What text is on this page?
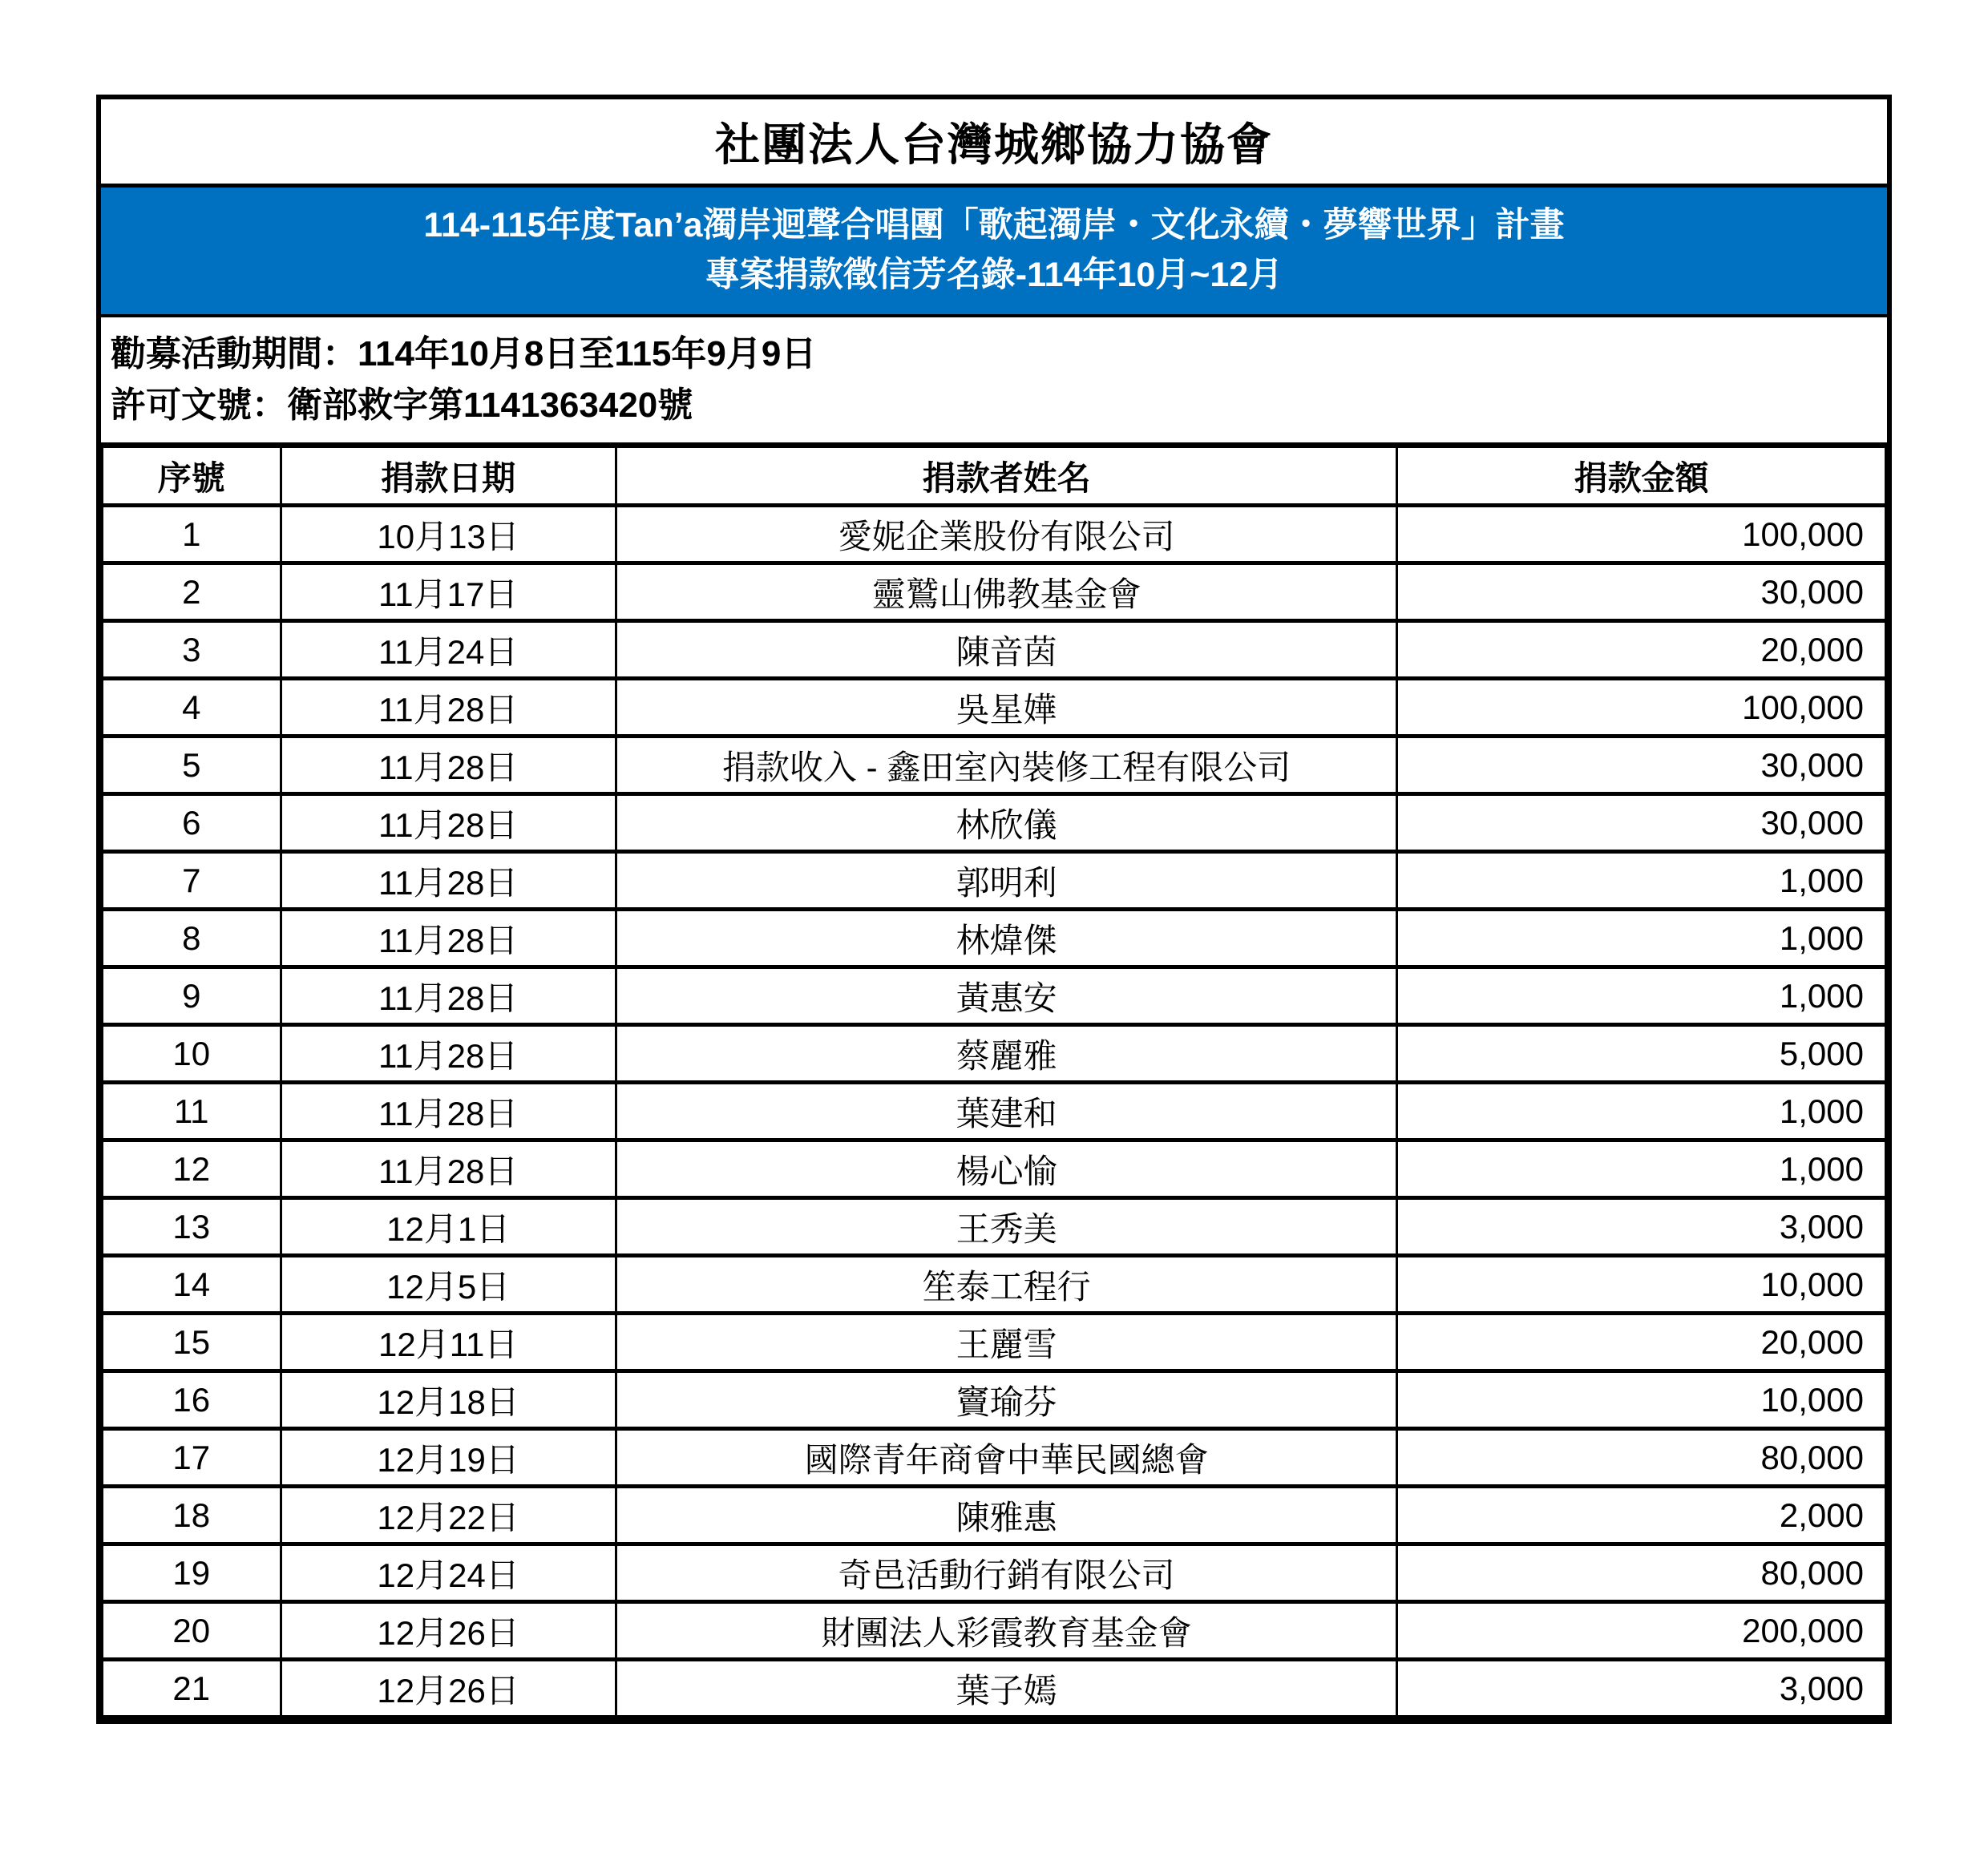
社團法人台灣城鄉協力協會
114-115年度Tan’a濁岸迴聲合唱團「歌起濁岸・文化永續・夢響世界」計畫
專案捐款徵信芳名錄-114年10月~12月
勸募活動期間：114年10月8日至115年9月9日
許可文號：衛部救字第1141363420號
序號	捐款日期	捐款者姓名	捐款金額
1	10月13日	愛妮企業股份有限公司	100,000
2	11月17日	靈鷲山佛教基金會	30,000
3	11月24日	陳音茵	20,000
4	11月28日	吳星嬅	100,000
5	11月28日	捐款收入 - 鑫田室內裝修工程有限公司	30,000
6	11月28日	林欣儀	30,000
7	11月28日	郭明利	1,000
8	11月28日	林煒傑	1,000
9	11月28日	黃惠安	1,000
10	11月28日	蔡麗雅	5,000
11	11月28日	葉建和	1,000
12	11月28日	楊心愉	1,000
13	12月1日	王秀美	3,000
14	12月5日	笙泰工程行	10,000
15	12月11日	王麗雪	20,000
16	12月18日	竇瑜芬	10,000
17	12月19日	國際青年商會中華民國總會	80,000
18	12月22日	陳雅惠	2,000
19	12月24日	奇邑活動行銷有限公司	80,000
20	12月26日	財團法人彩霞教育基金會	200,000
21	12月26日	葉子嫣	3,000
